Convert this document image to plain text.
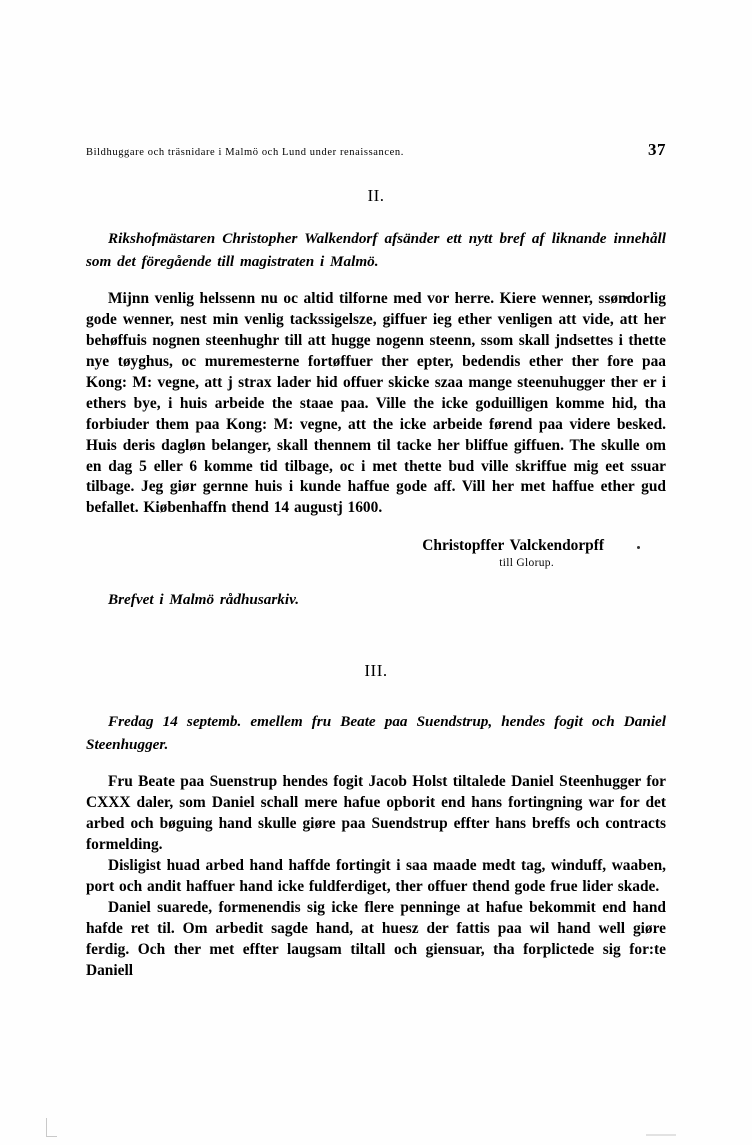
Bildhuggare och träsnidare i Malmö och Lund under renaissancen.	37
II.
Rikshofmästaren Christopher Walkendorf afsänder ett nytt bref af liknande innehåll som det föregående till magistraten i Malmö.

Mijnn venlig helssenn nu oc altid tilforne med vor herre. Kiere wenner, ssøndorlig gode wenner, nest min venlig tackssigelsze, giffuer ieg ether venligen att vide, att her behøffuis nognen steenhughr till att hugge nogenn steenn, ssom skall jndsettes i thette nye tøyghus, oc muremesterne fortøffuer ther epter, bedendis ether ther fore paa Kong: M: vegne, att j strax lader hid offuer skicke szaa mange steenuhugger ther er i ethers bye, i huis arbeide the staae paa. Ville the icke goduilligen komme hid, tha forbiuder them paa Kong: M: vegne, att the icke arbeide førend paa videre besked. Huis deris dagløn belanger, skall thennem til tacke her bliffue giffuen. The skulle om en dag 5 eller 6 komme tid tilbage, oc i met thette bud ville skriffue mig eet ssuar tilbage. Jeg giør gernne huis i kunde haffue gode aff. Vill her met haffue ether gud befallet. Kiøbenhaffn thend 14 augustj 1600.

Christopffer Valckendorpff
till Glorup.
Brefvet i Malmö rådhusarkiv.
III.
Fredag 14 septemb. emellem fru Beate paa Suendstrup, hendes fogit och Daniel Steenhugger.

Fru Beate paa Suenstrup hendes fogit Jacob Holst tiltalede Daniel Steenhugger for CXXX daler, som Daniel schall mere hafue opborit end hans fortingning war for det arbed och bøguing hand skulle giøre paa Suendstrup effter hans breffs och contracts formelding.

Disligist huad arbed hand haffde fortingit i saa maade medt tag, winduff, waaben, port och andit haffuer hand icke fuldferdiget, ther offuer thend gode frue lider skade.

Daniel suarede, formenendis sig icke flere penninge at hafue bekommit end hand hafde ret til. Om arbedit sagde hand, at huesz der fattis paa wil hand well giøre ferdig. Och ther met effter laugsam tiltall och giensuar, tha forplictede sig for:te Daniell
